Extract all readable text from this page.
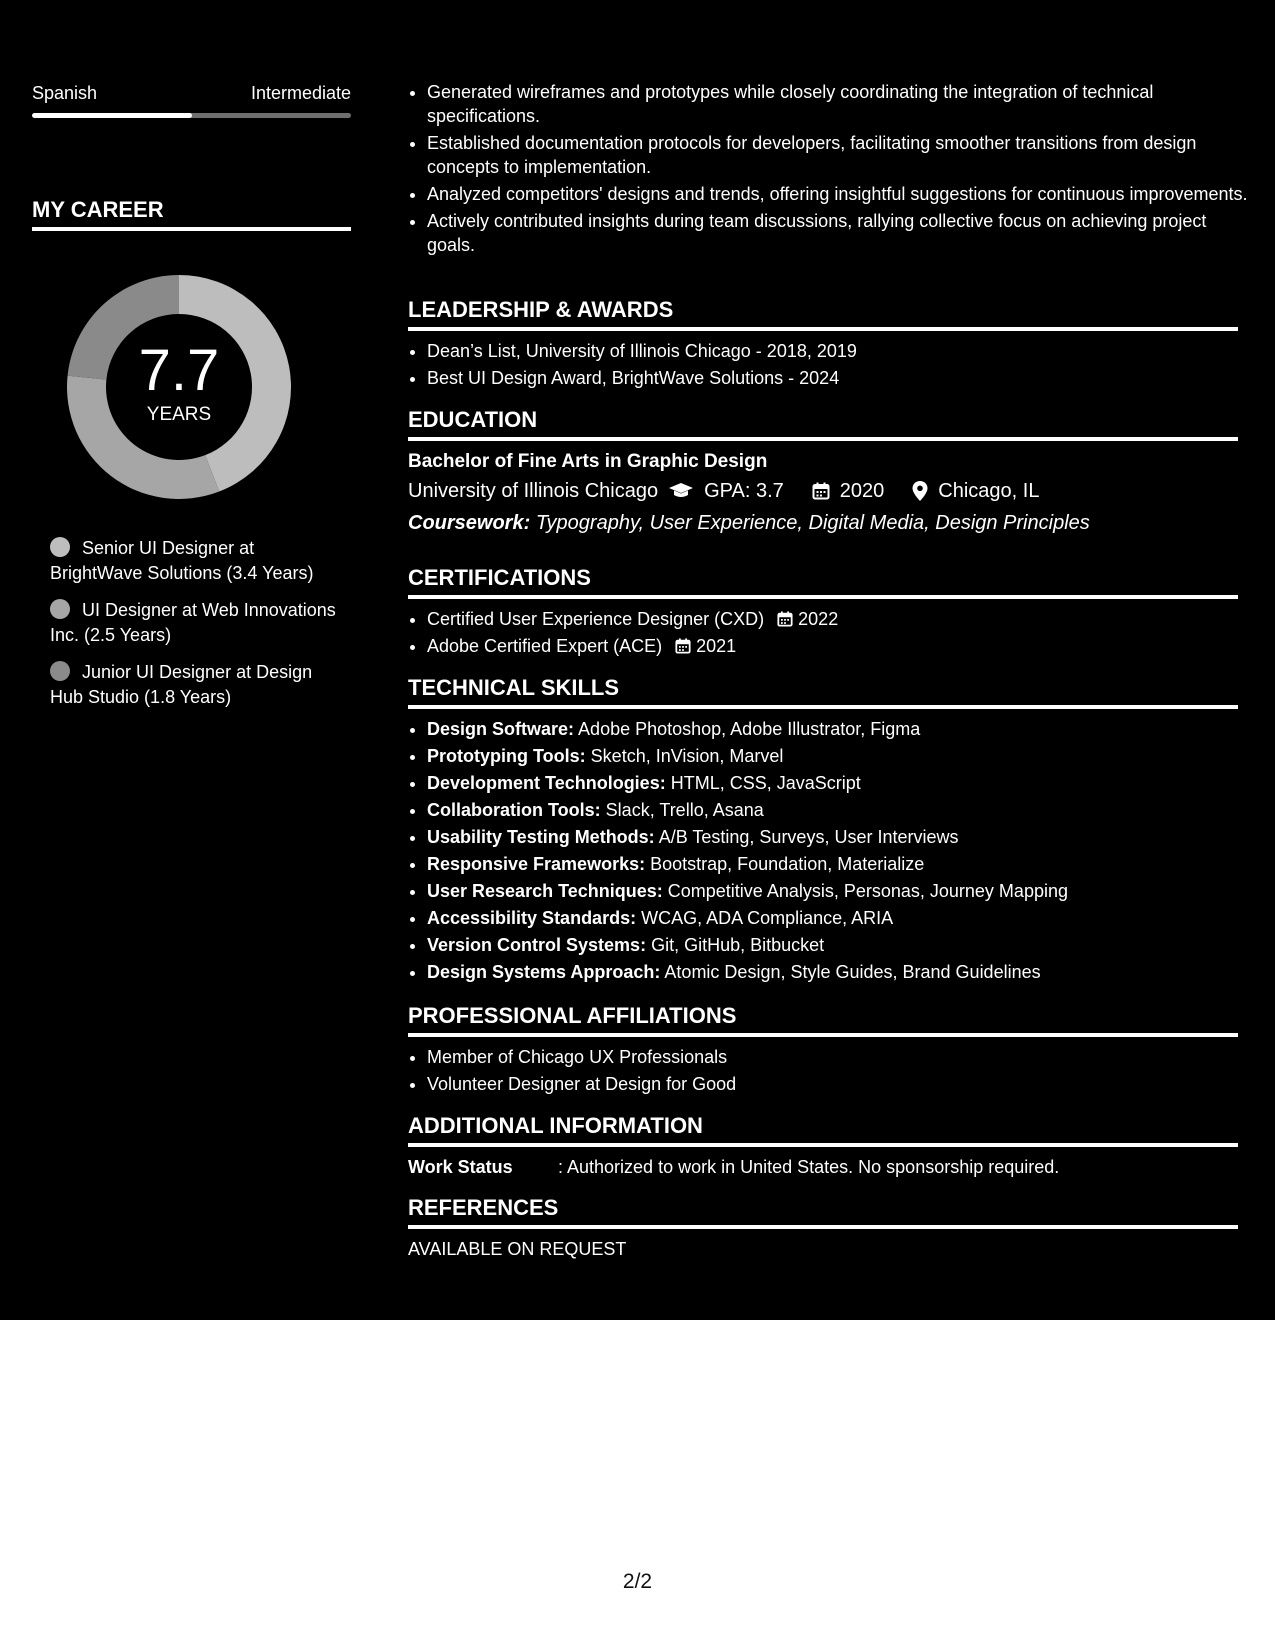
Spanish	Intermediate
MY CAREER
7.7
YEARS
Senior UI Designer at BrightWave Solutions (3.4 Years)
UI Designer at Web Innovations Inc. (2.5 Years)
Junior UI Designer at Design Hub Studio (1.8 Years)
• Generated wireframes and prototypes while closely coordinating the integration of technical specifications.
• Established documentation protocols for developers, facilitating smoother transitions from design concepts to implementation.
• Analyzed competitors' designs and trends, offering insightful suggestions for continuous improvements.
• Actively contributed insights during team discussions, rallying collective focus on achieving project goals.
LEADERSHIP & AWARDS
• Dean’s List, University of Illinois Chicago - 2018, 2019
• Best UI Design Award, BrightWave Solutions - 2024
EDUCATION
Bachelor of Fine Arts in Graphic Design
University of Illinois Chicago GPA: 3.7	2020	Chicago, IL
Coursework: Typography, User Experience, Digital Media, Design Principles
CERTIFICATIONS
• Certified User Experience Designer (CXD) 2022
• Adobe Certified Expert (ACE) 2021
TECHNICAL SKILLS
• Design Software: Adobe Photoshop, Adobe Illustrator, Figma
• Prototyping Tools: Sketch, InVision, Marvel
• Development Technologies: HTML, CSS, JavaScript
• Collaboration Tools: Slack, Trello, Asana
• Usability Testing Methods: A/B Testing, Surveys, User Interviews
• Responsive Frameworks: Bootstrap, Foundation, Materialize
• User Research Techniques: Competitive Analysis, Personas, Journey Mapping
• Accessibility Standards: WCAG, ADA Compliance, ARIA
• Version Control Systems: Git, GitHub, Bitbucket
• Design Systems Approach: Atomic Design, Style Guides, Brand Guidelines
PROFESSIONAL AFFILIATIONS
• Member of Chicago UX Professionals
• Volunteer Designer at Design for Good
ADDITIONAL INFORMATION
Work Status	: Authorized to work in United States. No sponsorship required.
REFERENCES
AVAILABLE ON REQUEST
2/2
